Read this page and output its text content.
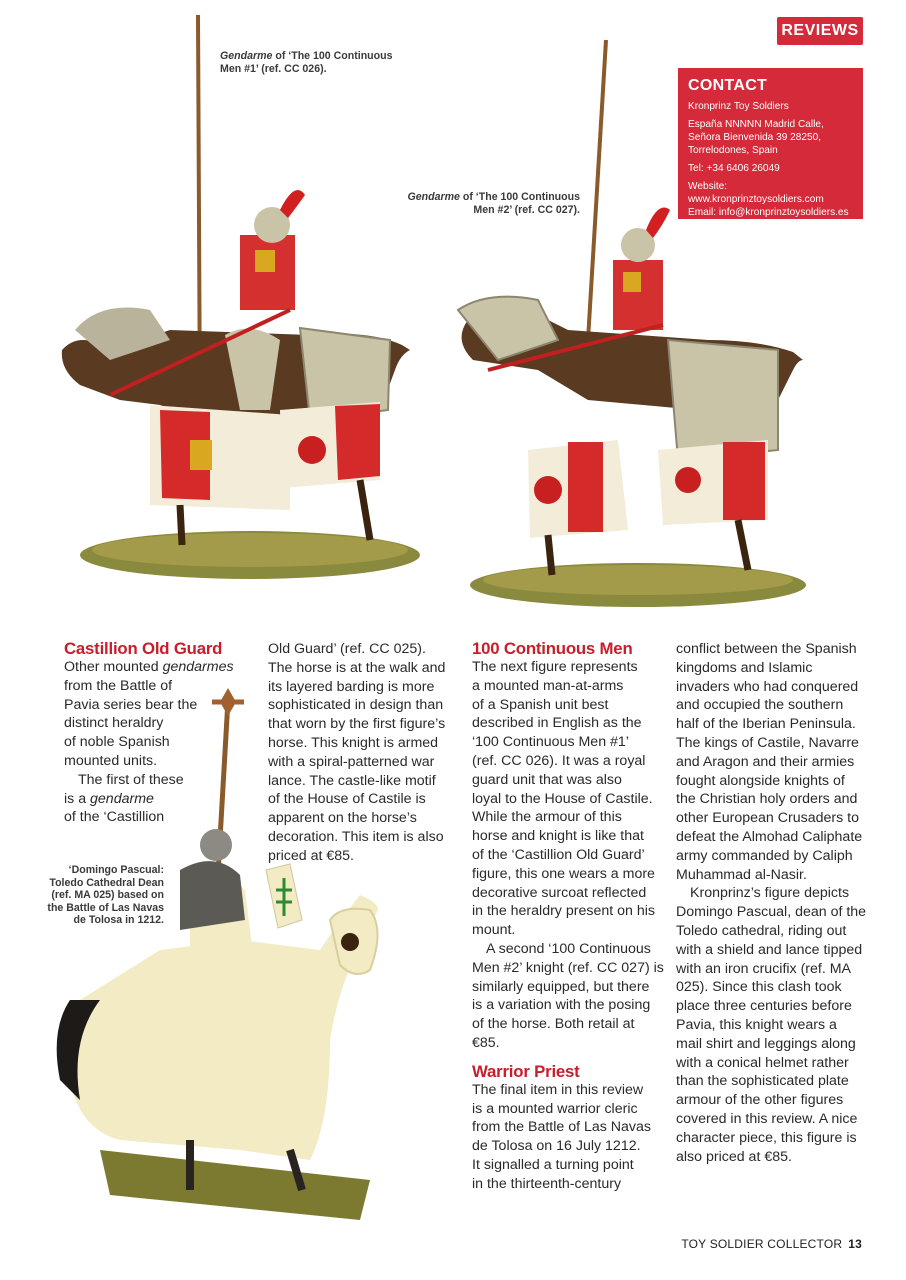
REVIEWS
CONTACT

Kronprinz Toy Soldiers

España NNNNN Madrid Calle,
Señora Bienvenida 39 28250,
Torrelodones, Spain

Tel: +34 6406 26049

Website: www.kronprinztoysoldiers.com

Email: info@kronprinztoysoldiers.es

Gendarme of ‘The 100 Continuous
Men #1’ (ref. CC 026).
Gendarme of ‘The 100 Continuous
Men #2’ (ref. CC 027).
‘Domingo Pascual:
Toledo Cathedral Dean
(ref. MA 025) based on
the Battle of Las Navas
de Tolosa in 1212.
Castillion Old Guard

Other mounted gendarmes
from the Battle of
Pavia series bear the
distinct heraldry
of noble Spanish
mounted units.
The first of these
is a gendarme
of the ‘Castillion

Old Guard’ (ref. CC 025).
The horse is at the walk and
its layered barding is more
sophisticated in design than
that worn by the first figure’s
horse. This knight is armed
with a spiral-patterned war
lance. The castle-like motif
of the House of Castile is
apparent on the horse’s
decoration. This item is also
priced at €85.

100 Continuous Men

The next figure represents
a mounted man-at-arms
of a Spanish unit best
described in English as the
‘100 Continuous Men #1’
(ref. CC 026). It was a royal
guard unit that was also
loyal to the House of Castile.
While the armour of this
horse and knight is like that
of the ‘Castillion Old Guard’
figure, this one wears a more
decorative surcoat reflected
in the heraldry present on his
mount.
A second ‘100 Continuous
Men #2’ knight (ref. CC 027) is
similarly equipped, but there
is a variation with the posing
of the horse. Both retail at
€85.

Warrior Priest

The final item in this review
is a mounted warrior cleric
from the Battle of Las Navas
de Tolosa on 16 July 1212.
It signalled a turning point
in the thirteenth-century

conflict between the Spanish
kingdoms and Islamic
invaders who had conquered
and occupied the southern
half of the Iberian Peninsula.
The kings of Castile, Navarre
and Aragon and their armies
fought alongside knights of
the Christian holy orders and
other European Crusaders to
defeat the Almohad Caliphate
army commanded by Caliph
Muhammad al-Nasir.
Kronprinz’s figure depicts
Domingo Pascual, dean of the
Toledo cathedral, riding out
with a shield and lance tipped
with an iron crucifix (ref. MA
025). Since this clash took
place three centuries before
Pavia, this knight wears a
mail shirt and leggings along
with a conical helmet rather
than the sophisticated plate
armour of the other figures
covered in this review. A nice
character piece, this figure is
also priced at €85.

TOY SOLDIER COLLECTOR 13
